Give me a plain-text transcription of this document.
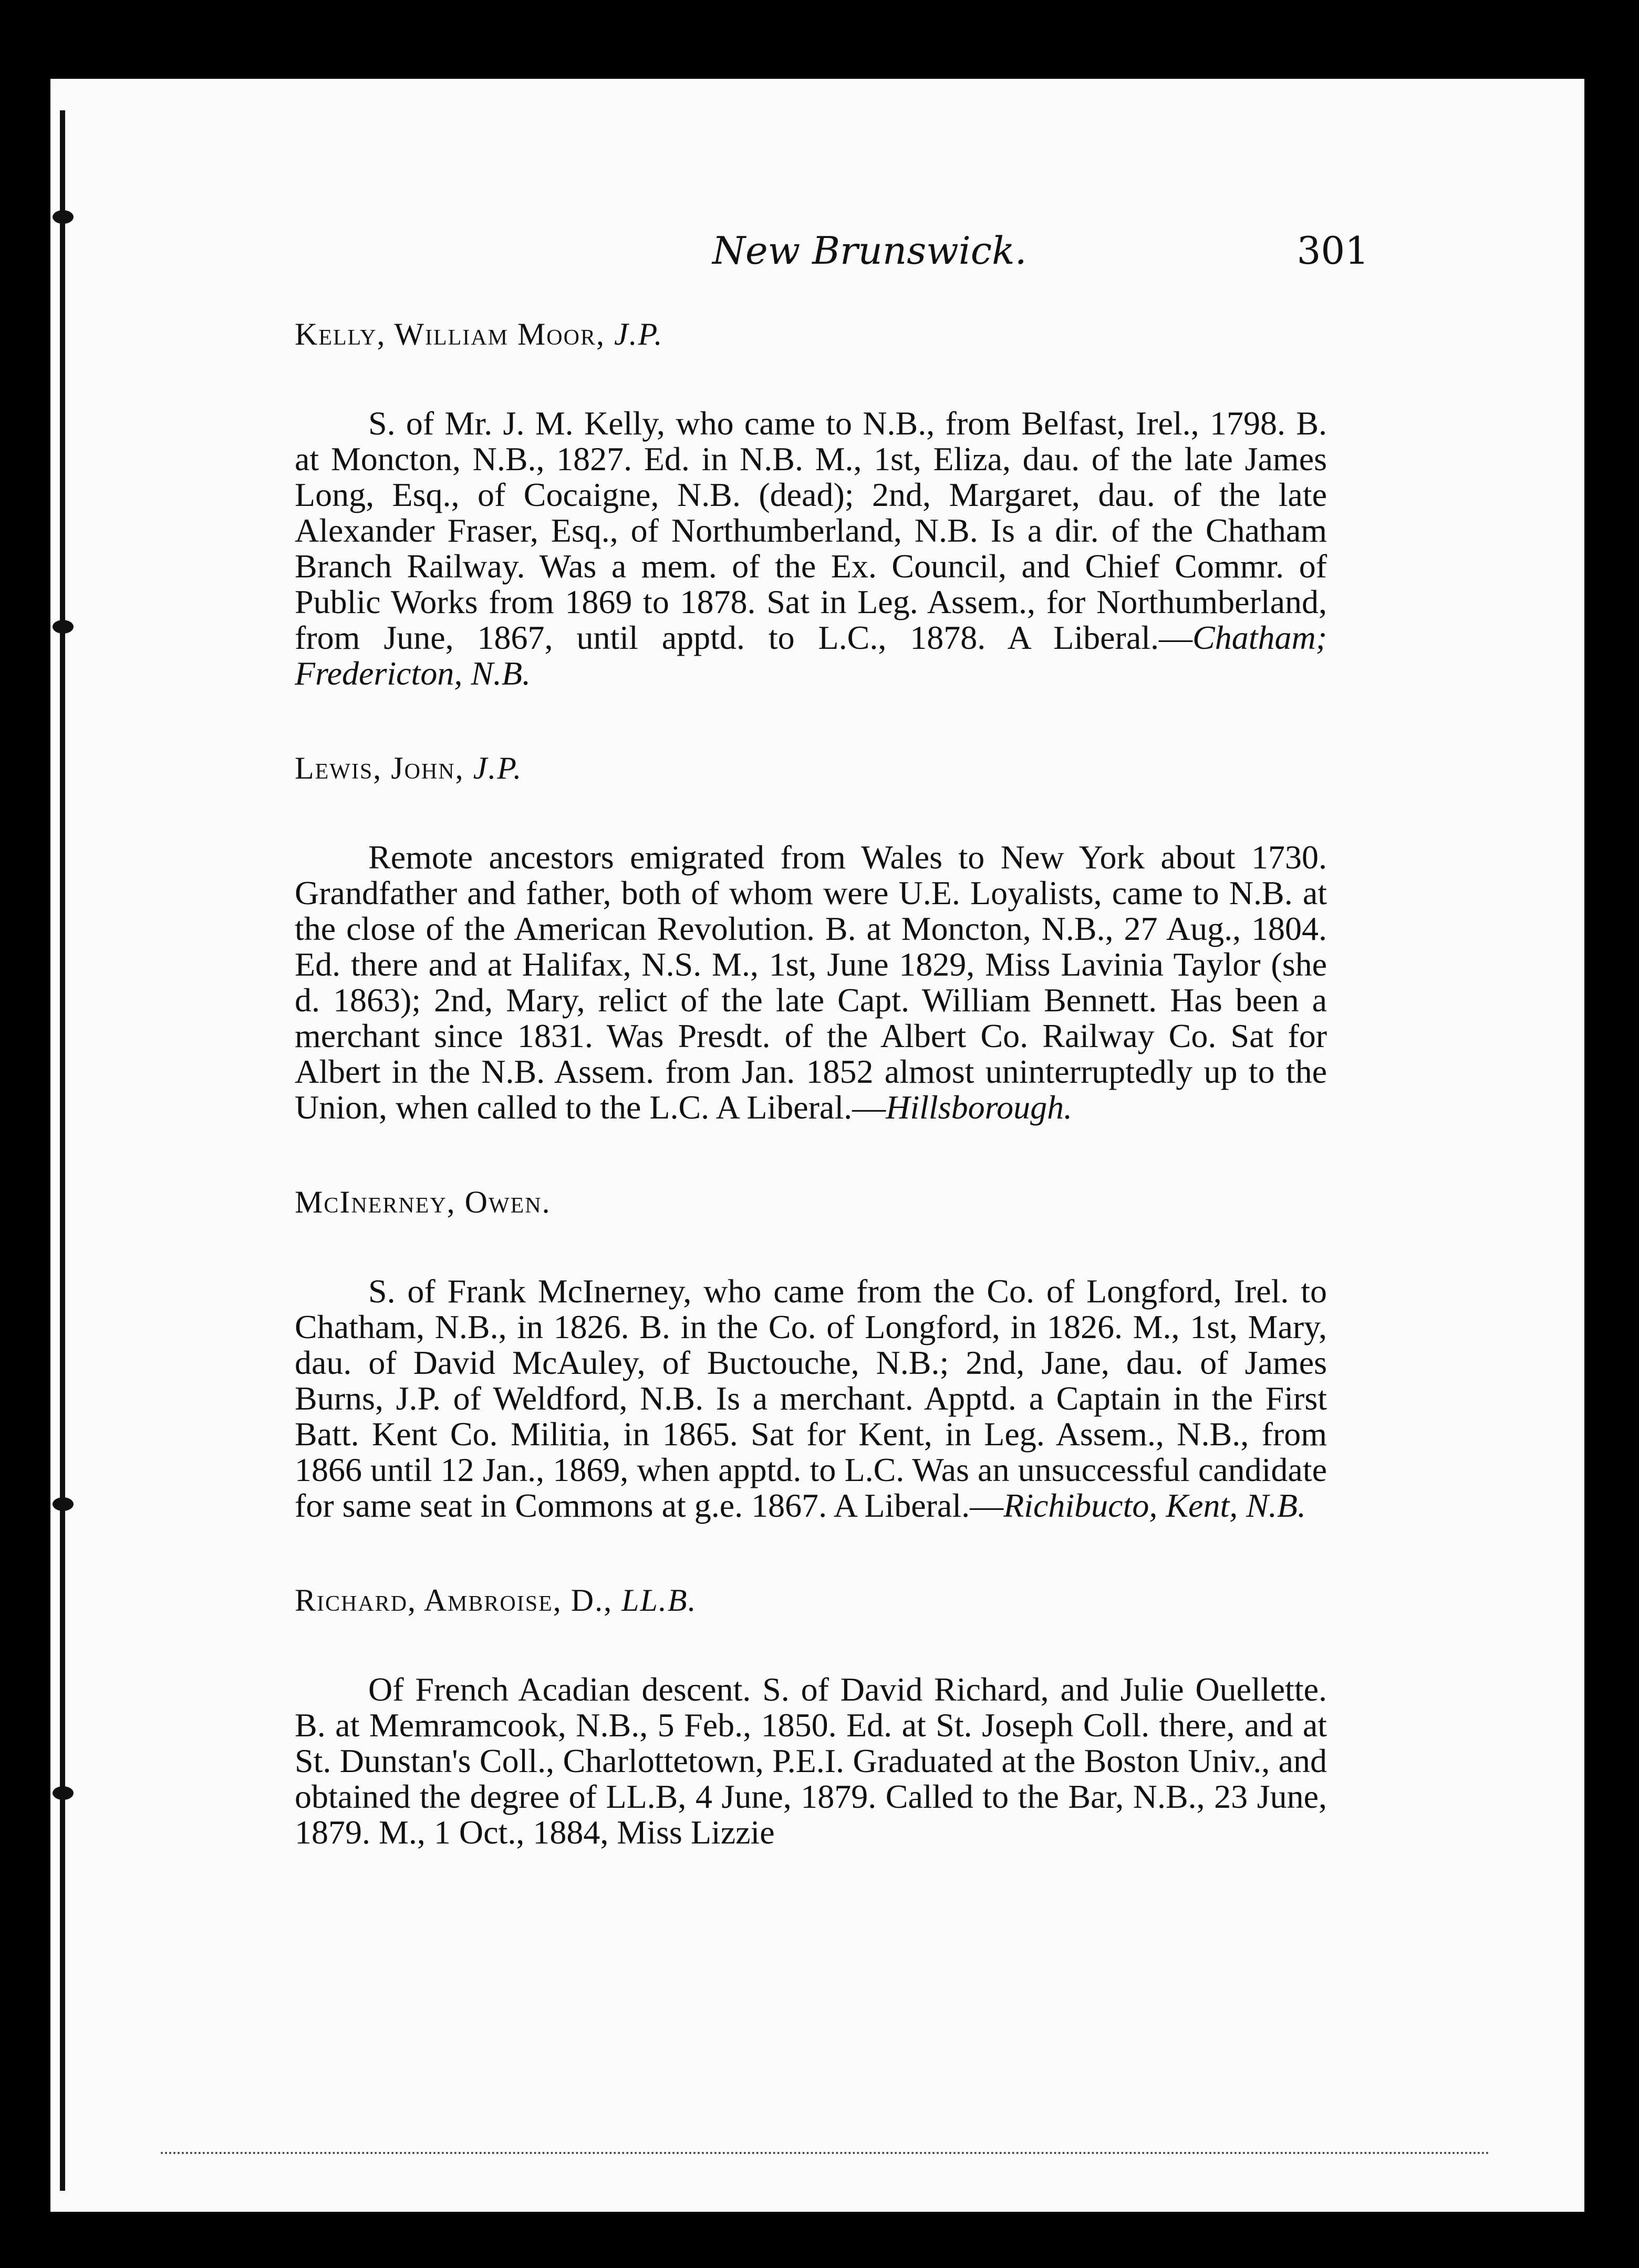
New Brunswick.	301

Kelly, William Moor, J.P.

S. of Mr. J. M. Kelly, who came to N.B., from Belfast, Irel., 1798. B. at Moncton, N.B., 1827. Ed. in N.B. M., 1st, Eliza, dau. of the late James Long, Esq., of Cocaigne, N.B. (dead); 2nd, Margaret, dau. of the late Alexander Fraser, Esq., of Northumberland, N.B. Is a dir. of the Chatham Branch Railway. Was a mem. of the Ex. Council, and Chief Commr. of Public Works from 1869 to 1878. Sat in Leg. Assem., for Northumberland, from June, 1867, until apptd. to L.C., 1878. A Liberal.—Chatham; Fredericton, N.B.

Lewis, John, J.P.

Remote ancestors emigrated from Wales to New York about 1730. Grandfather and father, both of whom were U.E. Loyalists, came to N.B. at the close of the American Revolution. B. at Moncton, N.B., 27 Aug., 1804. Ed. there and at Halifax, N.S. M., 1st, June 1829, Miss Lavinia Taylor (she d. 1863); 2nd, Mary, relict of the late Capt. William Bennett. Has been a merchant since 1831. Was Presdt. of the Albert Co. Railway Co. Sat for Albert in the N.B. Assem. from Jan. 1852 almost uninterruptedly up to the Union, when called to the L.C. A Liberal.—Hillsborough.

McInerney, Owen.

S. of Frank McInerney, who came from the Co. of Longford, Irel. to Chatham, N.B., in 1826. B. in the Co. of Longford, in 1826. M., 1st, Mary, dau. of David McAuley, of Buctouche, N.B.; 2nd, Jane, dau. of James Burns, J.P. of Weldford, N.B. Is a merchant. Apptd. a Captain in the First Batt. Kent Co. Militia, in 1865. Sat for Kent, in Leg. Assem., N.B., from 1866 until 12 Jan., 1869, when apptd. to L.C. Was an unsuccessful candidate for same seat in Commons at g.e. 1867. A Liberal.—Richibucto, Kent, N.B.

Richard, Ambroise, D., LL.B.

Of French Acadian descent. S. of David Richard, and Julie Ouellette. B. at Memramcook, N.B., 5 Feb., 1850. Ed. at St. Joseph Coll. there, and at St. Dunstan's Coll., Charlottetown, P.E.I. Graduated at the Boston Univ., and obtained the degree of LL.B, 4 June, 1879. Called to the Bar, N.B., 23 June, 1879. M., 1 Oct., 1884, Miss Lizzie
